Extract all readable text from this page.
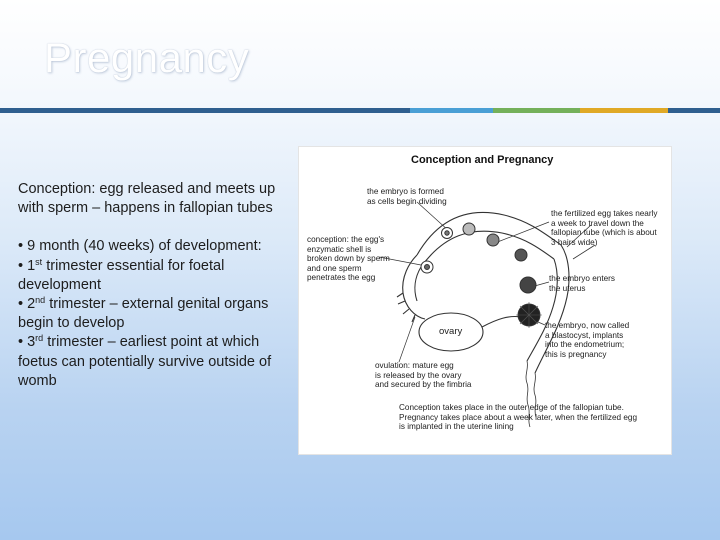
Pregnancy

Conception: egg released and meets up with sperm – happens in fallopian tubes

• 9 month (40 weeks) of development:

• 1st trimester essential for foetal development

• 2nd trimester – external genital organs begin to develop

• 3rd trimester – earliest point at which foetus can potentially survive outside of womb

Conception and Pregnancy
the embryo is formed
as cells begin dividing
conception: the egg's
enzymatic shell is
broken down by sperm
and one sperm
penetrates the egg
the fertilized egg takes nearly
a week to travel down the
fallopian tube (which is about
3 hairs wide)
the embryo enters
the uterus
the embryo, now called
a blastocyst, implants
into the endometrium;
this is pregnancy
ovary
ovulation: mature egg
is released by the ovary
and secured by the fimbria
Conception takes place in the outer edge of the fallopian tube.
Pregnancy takes place about a week later, when the fertilized egg
is implanted in the uterine lining
